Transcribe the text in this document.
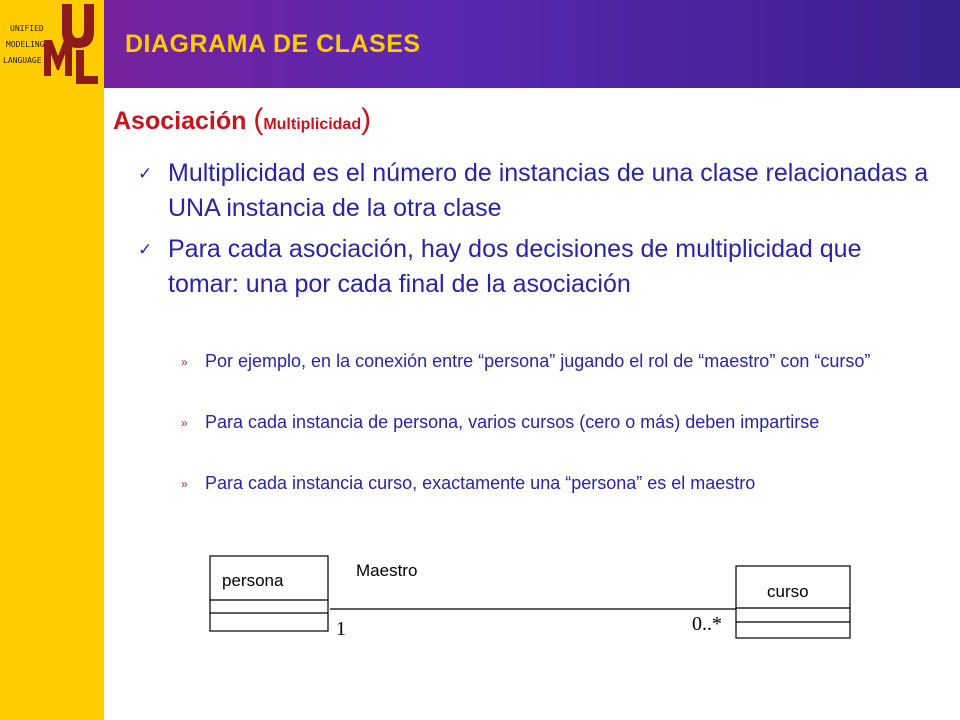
UNIFIED
MODELING
LANGUAGE
DIAGRAMA DE CLASES
Asociación (Multiplicidad)
✓ Multiplicidad es el número de instancias de una clase relacionadas a UNA instancia de la otra clase
✓ Para cada asociación, hay dos decisiones de multiplicidad que tomar: una por cada final de la asociación
» Por ejemplo, en la conexión entre “persona” jugando el rol de “maestro” con “curso”
» Para cada instancia de persona, varios cursos (cero o más) deben impartirse
» Para cada instancia curso, exactamente una “persona” es el maestro
persona
curso
Maestro
1	0..*
